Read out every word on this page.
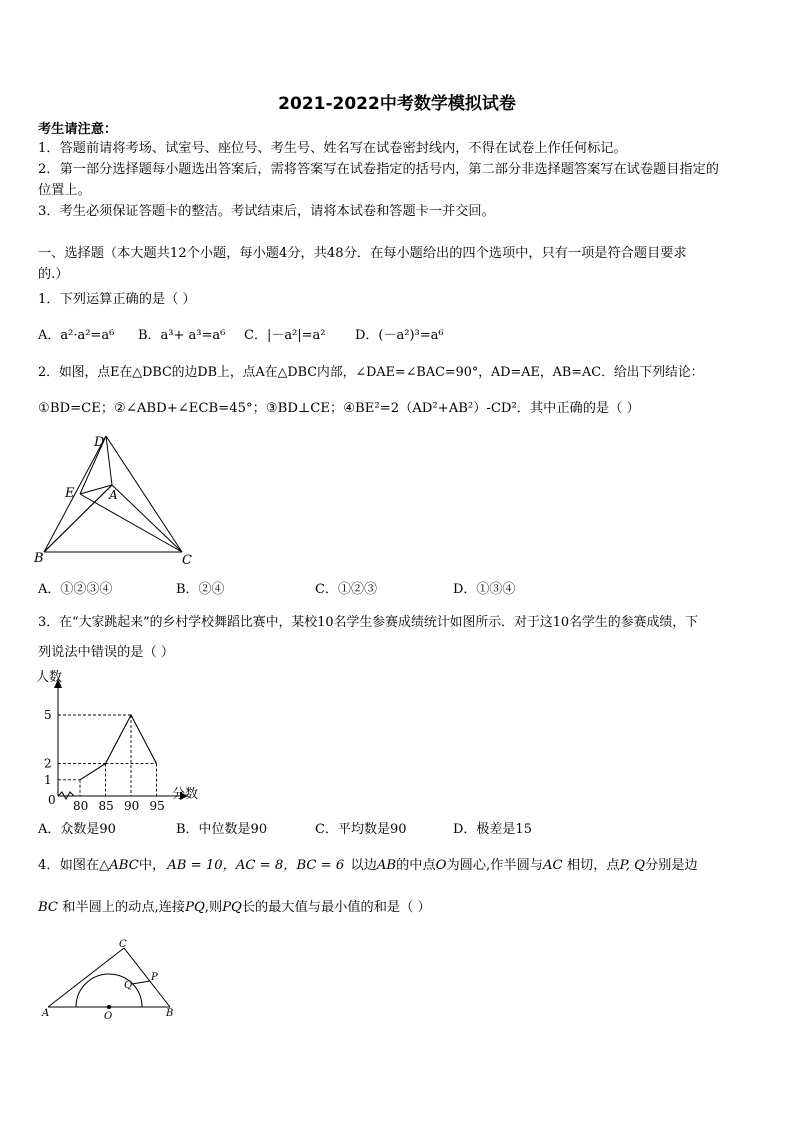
2021-2022中考数学模拟试卷
考生请注意：
1．答题前请将考场、试室号、座位号、考生号、姓名写在试卷密封线内，不得在试卷上作任何标记。
2．第一部分选择题每小题选出答案后，需将答案写在试卷指定的括号内，第二部分非选择题答案写在试卷题目指定的
位置上。
3．考生必须保证答题卡的整洁。考试结束后，请将本试卷和答题卡一并交回。
一、选择题（本大题共12个小题，每小题4分，共48分．在每小题给出的四个选项中，只有一项是符合题目要求
的.）
1．下列运算正确的是（ ）
A．a²·a²=a⁶ B．a³+ a³=a⁶ C．|－a²|=a² D．(－a²)³=a⁶
2．如图，点E在△DBC的边DB上，点A在△DBC内部，∠DAE=∠BAC=90°，AD=AE，AB=AC．给出下列结论：
①BD=CE；②∠ABD+∠ECB=45°；③BD⊥CE；④BE²=2（AD²+AB²）-CD²．其中正确的是（ ）
D
E	A
B	C
A．①②③④	B．②④	C．①②③	D．①③④
3．在“大家跳起来”的乡村学校舞蹈比赛中，某校10名学生参赛成绩统计如图所示．对于这10名学生的参赛成绩，下
列说法中错误的是（ ）
人数
分数
80 85 90 95
0
1
2
5
A．众数是90	B．中位数是90	C．平均数是90	D．极差是15
4．如图在△ABC中， AB = 10，AC = 8，BC = 6 以边AB的中点O为圆心,作半圆与AC 相切，点P, Q分别是边
BC 和半圆上的动点,连接PQ,则PQ长的最大值与最小值的和是（ ）
C
P
Q
A	O	B
